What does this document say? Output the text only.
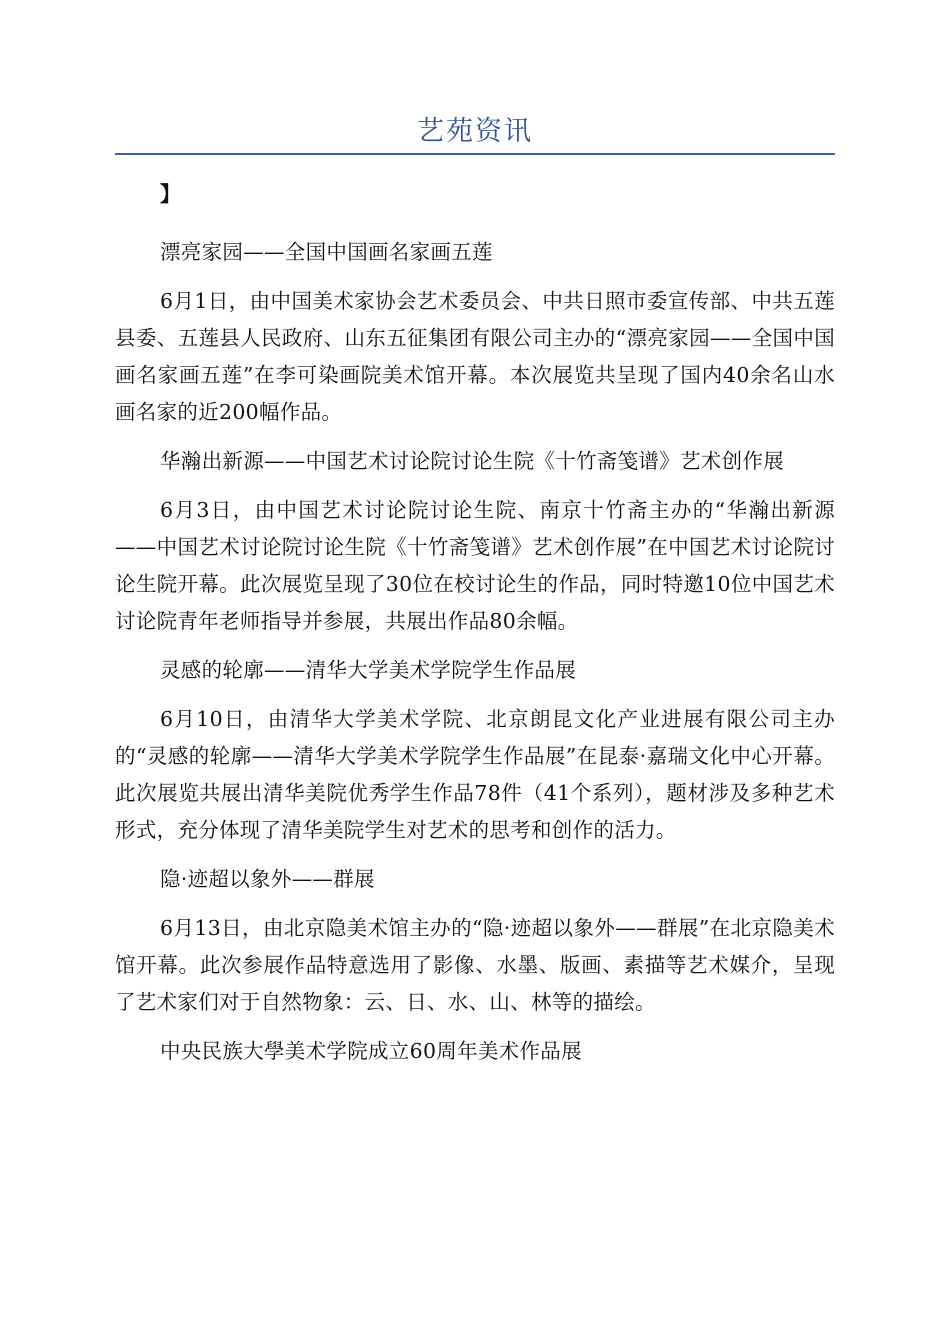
艺苑资讯

】

漂亮家园——全国中国画名家画五莲

6月1日，由中国美术家协会艺术委员会、中共日照市委宣传部、中共五莲县委、五莲县人民政府、山东五征集团有限公司主办的“漂亮家园——全国中国画名家画五莲”在李可染画院美术馆开幕。本次展览共呈现了国内40余名山水画名家的近200幅作品。

华瀚出新源——中国艺术讨论院讨论生院《十竹斋笺谱》艺术创作展

6月3日，由中国艺术讨论院讨论生院、南京十竹斋主办的“华瀚出新源——中国艺术讨论院讨论生院《十竹斋笺谱》艺术创作展”在中国艺术讨论院讨论生院开幕。此次展览呈现了30位在校讨论生的作品，同时特邀10位中国艺术讨论院青年老师指导并参展，共展出作品80余幅。

灵感的轮廓——清华大学美术学院学生作品展

6月10日，由清华大学美术学院、北京朗昆文化产业进展有限公司主办的“灵感的轮廓——清华大学美术学院学生作品展”在昆泰·嘉瑞文化中心开幕。此次展览共展出清华美院优秀学生作品78件（41个系列），题材涉及多种艺术形式，充分体现了清华美院学生对艺术的思考和创作的活力。

隐·迹超以象外——群展

6月13日，由北京隐美术馆主办的“隐·迹超以象外——群展”在北京隐美术馆开幕。此次参展作品特意选用了影像、水墨、版画、素描等艺术媒介，呈现了艺术家们对于自然物象：云、日、水、山、林等的描绘。

中央民族大學美术学院成立60周年美术作品展
